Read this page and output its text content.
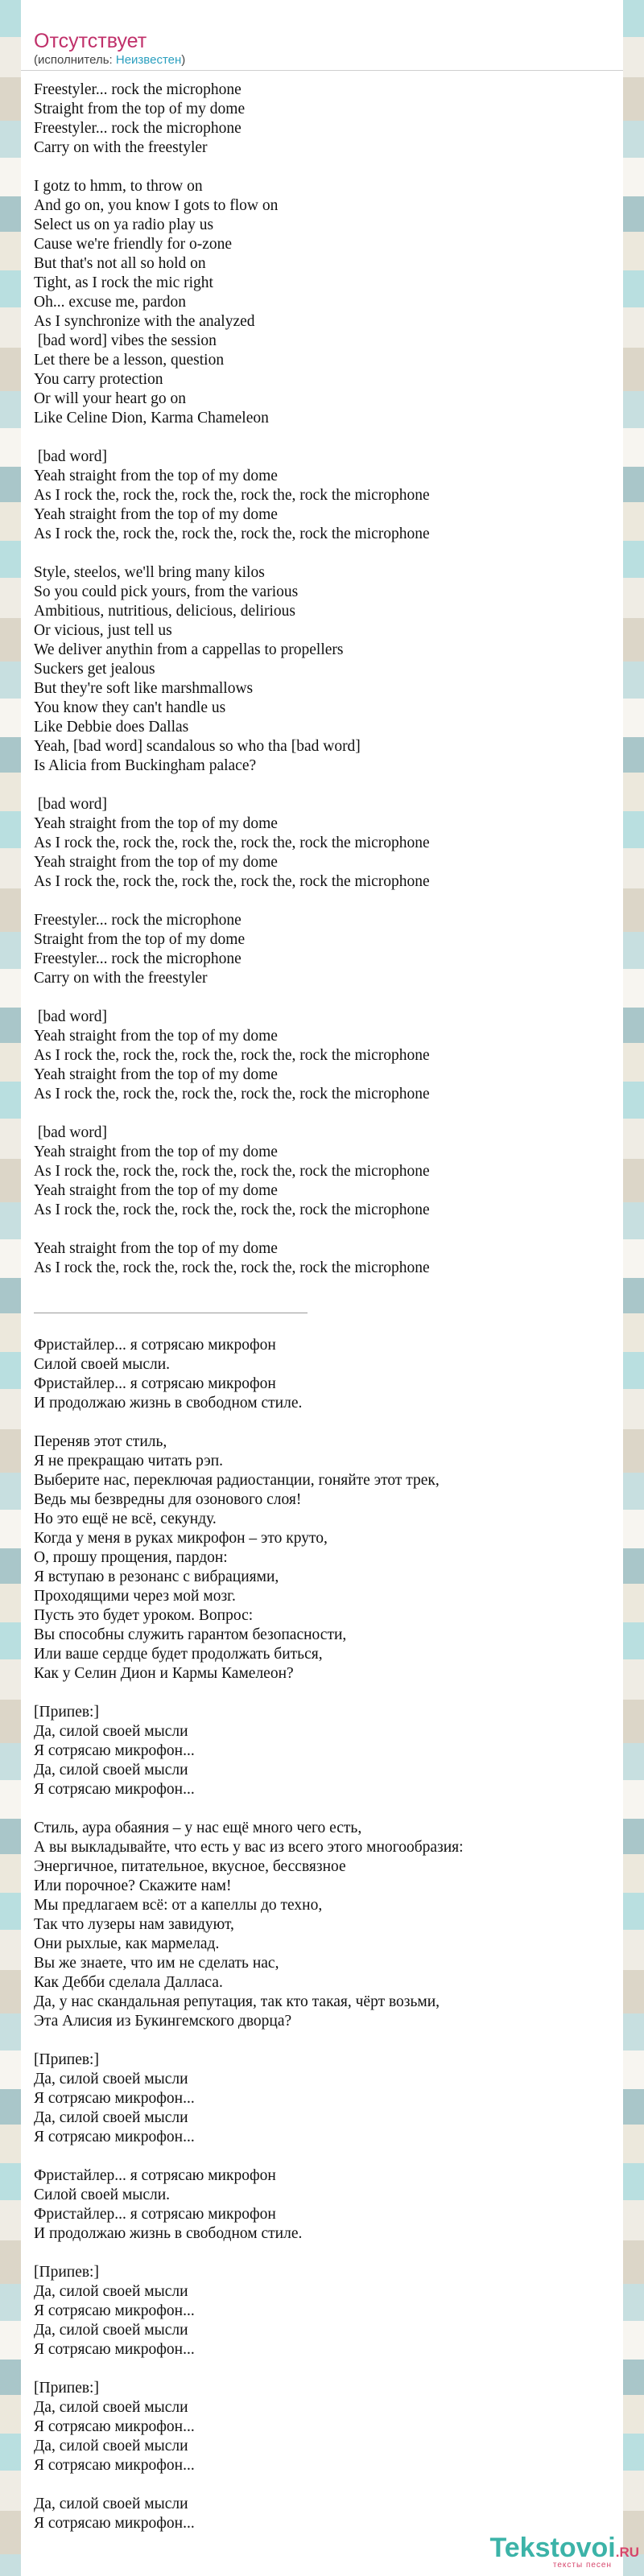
Отсутствует
(исполнитель: Неизвестен)
Freestyler... rock the microphone
Straight from the top of my dome
Freestyler... rock the microphone
Carry on with the freestyler

I gotz to hmm, to throw on
And go on, you know I gots to flow on
Select us on ya radio play us
Cause we're friendly for o-zone
But that's not all so hold on
Tight, as I rock the mic right
Oh... excuse me, pardon
As I synchronize with the analyzed
[bad word] vibes the session
Let there be a lesson, question
You carry protection
Or will your heart go on
Like Celine Dion, Karma Chameleon

[bad word]
Yeah straight from the top of my dome
As I rock the, rock the, rock the, rock the, rock the microphone
Yeah straight from the top of my dome
As I rock the, rock the, rock the, rock the, rock the microphone

Style, steelos, we'll bring many kilos
So you could pick yours, from the various
Ambitious, nutritious, delicious, delirious
Or vicious, just tell us
We deliver anythin from a cappellas to propellers
Suckers get jealous
But they're soft like marshmallows
You know they can't handle us
Like Debbie does Dallas
Yeah, [bad word] scandalous so who tha [bad word]
Is Alicia from Buckingham palace?

[bad word]
Yeah straight from the top of my dome
As I rock the, rock the, rock the, rock the, rock the microphone
Yeah straight from the top of my dome
As I rock the, rock the, rock the, rock the, rock the microphone

Freestyler... rock the microphone
Straight from the top of my dome
Freestyler... rock the microphone
Carry on with the freestyler

[bad word]
Yeah straight from the top of my dome
As I rock the, rock the, rock the, rock the, rock the microphone
Yeah straight from the top of my dome
As I rock the, rock the, rock the, rock the, rock the microphone

[bad word]
Yeah straight from the top of my dome
As I rock the, rock the, rock the, rock the, rock the microphone
Yeah straight from the top of my dome
As I rock the, rock the, rock the, rock the, rock the microphone

Yeah straight from the top of my dome
As I rock the, rock the, rock the, rock the, rock the microphone
Фристайлер... я сотрясаю микрофон
Силой своей мысли.
Фристайлер... я сотрясаю микрофон
И продолжаю жизнь в свободном стиле.

Переняв этот стиль,
Я не прекращаю читать рэп.
Выберите нас, переключая радиостанции, гоняйте этот трек,
Ведь мы безвредны для озонового слоя!
Но это ещё не всё, секунду.
Когда у меня в руках микрофон – это круто,
О, прошу прощения, пардон:
Я вступаю в резонанс с вибрациями,
Проходящими через мой мозг.
Пусть это будет уроком. Вопрос:
Вы способны служить гарантом безопасности,
Или ваше сердце будет продолжать биться,
Как у Селин Дион и Кармы Камелеон?

[Припев:]
Да, силой своей мысли
Я сотрясаю микрофон...
Да, силой своей мысли
Я сотрясаю микрофон...

Стиль, аура обаяния – у нас ещё много чего есть,
А вы выкладывайте, что есть у вас из всего этого многообразия:
Энергичное, питательное, вкусное, бессвязное
Или порочное? Скажите нам!
Мы предлагаем всё: от а капеллы до техно,
Так что лузеры нам завидуют,
Они рыхлые, как мармелад.
Вы же знаете, что им не сделать нас,
Как Дебби сделала Далласа.
Да, у нас скандальная репутация, так кто такая, чёрт возьми,
Эта Алисия из Букингемского дворца?

[Припев:]
Да, силой своей мысли
Я сотрясаю микрофон...
Да, силой своей мысли
Я сотрясаю микрофон...

Фристайлер... я сотрясаю микрофон
Силой своей мысли.
Фристайлер... я сотрясаю микрофон
И продолжаю жизнь в свободном стиле.

[Припев:]
Да, силой своей мысли
Я сотрясаю микрофон...
Да, силой своей мысли
Я сотрясаю микрофон...

[Припев:]
Да, силой своей мысли
Я сотрясаю микрофон...
Да, силой своей мысли
Я сотрясаю микрофон...

Да, силой своей мысли
Я сотрясаю микрофон...
Tekstovoi.RU
тексты песен
